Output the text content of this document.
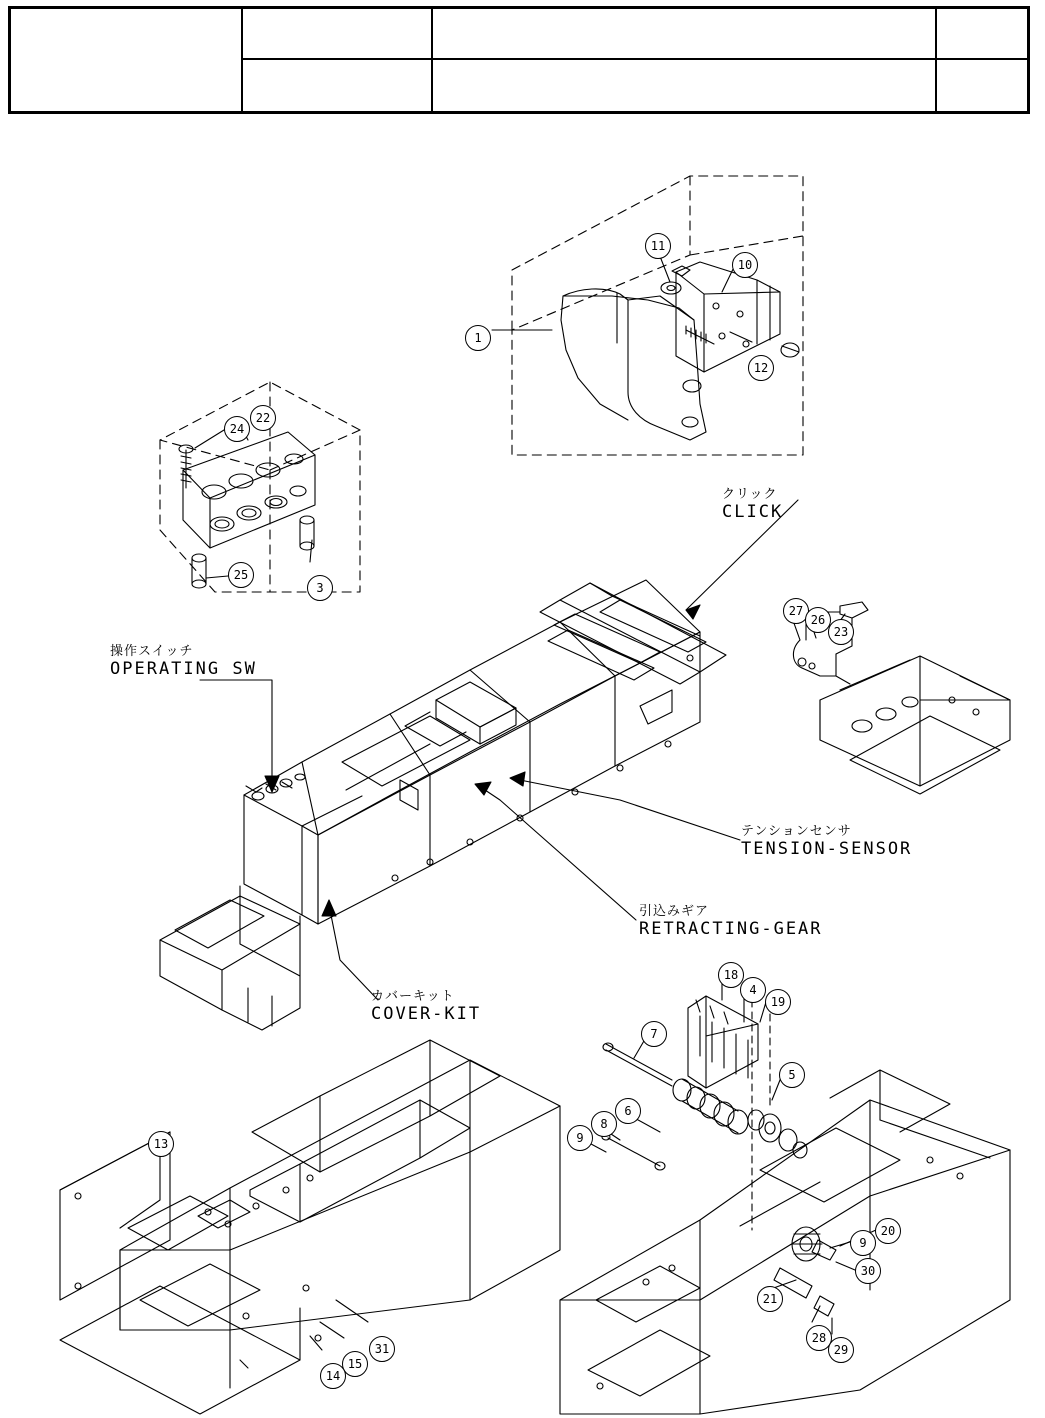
クリック
CLICK
操作スイッチ
OPERATING SW
テンションセンサ
TENSION-SENSOR
引込みギア
RETRACTING-GEAR
カバーキット
COVER-KIT
1
11
10
12
22
24
25
3
27
26
23
18
4
19
7
5
6
8
9
13
9
20
30
21
28
29
31
15
14
